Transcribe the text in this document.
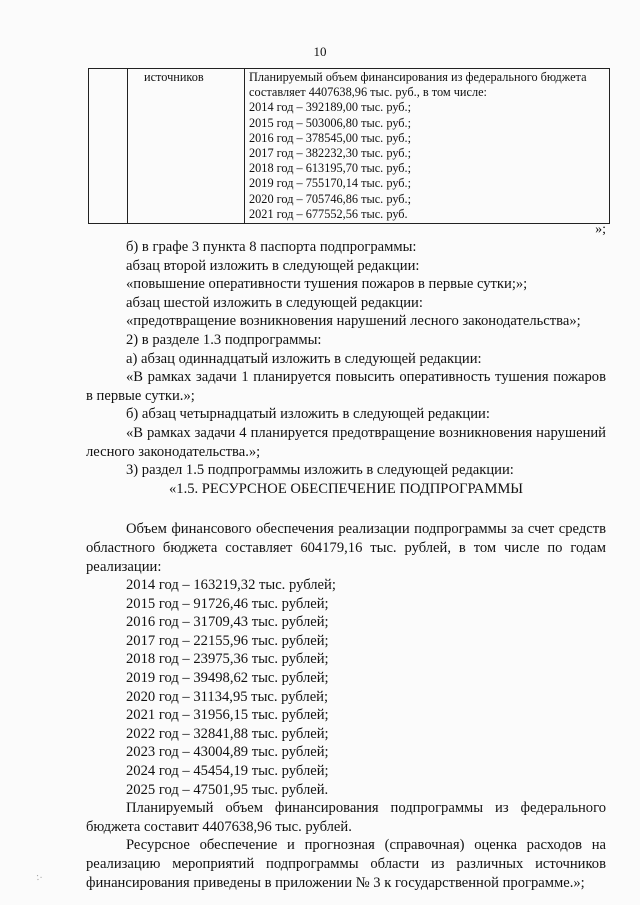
10
	источников	Планируемый объем финансирования из федерального бюджета
составляет 4407638,96 тыс. руб., в том числе:
2014 год – 392189,00 тыс. руб.;
2015 год – 503006,80 тыс. руб.;
2016 год – 378545,00 тыс. руб.;
2017 год – 382232,30 тыс. руб.;
2018 год – 613195,70 тыс. руб.;
2019 год – 755170,14 тыс. руб.;
2020 год – 705746,86 тыс. руб.;
2021 год – 677552,56 тыс. руб.
»;

б) в графе 3 пункта 8 паспорта подпрограммы:

абзац второй изложить в следующей редакции:

«повышение оперативности тушения пожаров в первые сутки;»;

абзац шестой изложить в следующей редакции:

«предотвращение возникновения нарушений лесного законодательства»;

2) в разделе 1.3 подпрограммы:

а) абзац одиннадцатый изложить в следующей редакции:

«В рамках задачи 1 планируется повысить оперативность тушения пожаров в первые сутки.»;

б) абзац четырнадцатый изложить в следующей редакции:

«В рамках задачи 4 планируется предотвращение возникновения нарушений лесного законодательства.»;

3) раздел 1.5 подпрограммы изложить в следующей редакции:

«1.5. РЕСУРСНОЕ ОБЕСПЕЧЕНИЕ ПОДПРОГРАММЫ

Объем финансового обеспечения реализации подпрограммы за счет средств областного бюджета составляет 604179,16 тыс. рублей, в том числе по годам реализации:

2014 год – 163219,32 тыс. рублей;
2015 год – 91726,46 тыс. рублей;
2016 год – 31709,43 тыс. рублей;
2017 год – 22155,96 тыс. рублей;
2018 год – 23975,36 тыс. рублей;
2019 год – 39498,62 тыс. рублей;
2020 год – 31134,95 тыс. рублей;
2021 год – 31956,15 тыс. рублей;
2022 год – 32841,88 тыс. рублей;
2023 год – 43004,89 тыс. рублей;
2024 год – 45454,19 тыс. рублей;
2025 год – 47501,95 тыс. рублей.

Планируемый объем финансирования подпрограммы из федерального бюджета составит 4407638,96 тыс. рублей.

Ресурсное обеспечение и прогнозная (справочная) оценка расходов на реализацию мероприятий подпрограммы области из различных источников финансирования приведены в приложении № 3 к государственной программе.»;

∴
